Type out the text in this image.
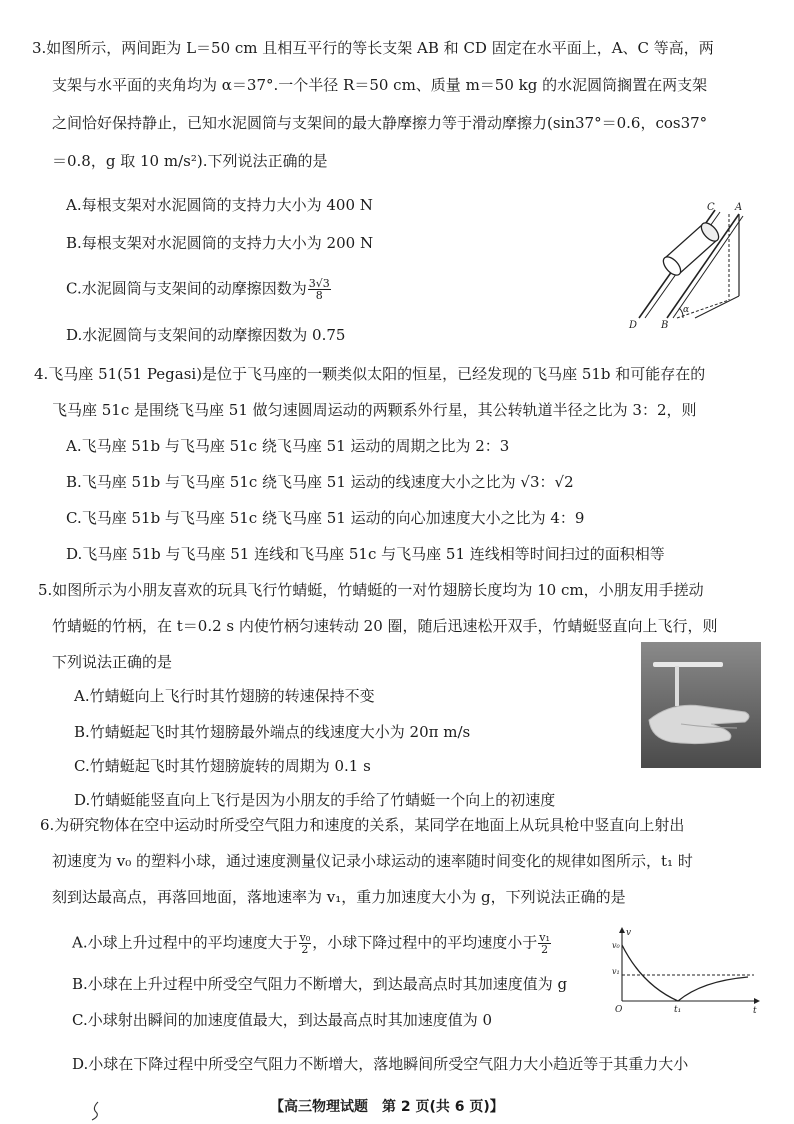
3.如图所示，两间距为 L＝50 cm 且相互平行的等长支架 AB 和 CD 固定在水平面上，A、C 等高，两
支架与水平面的夹角均为 α＝37°.一个半径 R＝50 cm、质量 m＝50 kg 的水泥圆筒搁置在两支架
之间恰好保持静止，已知水泥圆筒与支架间的最大静摩擦力等于滑动摩擦力(sin37°＝0.6，cos37°
＝0.8，g 取 10 m/s²).下列说法正确的是
A.每根支架对水泥圆筒的支持力大小为 400 N
B.每根支架对水泥圆筒的支持力大小为 200 N
C.水泥圆筒与支架间的动摩擦因数为 $\frac{3√3}{8}$
D.水泥圆筒与支架间的动摩擦因数为 0.75
C A
D B
α
4.飞马座 51(51 Pegasi)是位于飞马座的一颗类似太阳的恒星，已经发现的飞马座 51b 和可能存在的
飞马座 51c 是围绕飞马座 51 做匀速圆周运动的两颗系外行星，其公转轨道半径之比为 3：2，则
A.飞马座 51b 与飞马座 51c 绕飞马座 51 运动的周期之比为 2：3
B.飞马座 51b 与飞马座 51c 绕飞马座 51 运动的线速度大小之比为 √3：√2
C.飞马座 51b 与飞马座 51c 绕飞马座 51 运动的向心加速度大小之比为 4：9
D.飞马座 51b 与飞马座 51 连线和飞马座 51c 与飞马座 51 连线相等时间扫过的面积相等
5.如图所示为小朋友喜欢的玩具飞行竹蜻蜓，竹蜻蜓的一对竹翅膀长度均为 10 cm，小朋友用手搓动
竹蜻蜓的竹柄，在 t＝0.2 s 内使竹柄匀速转动 20 圈，随后迅速松开双手，竹蜻蜓竖直向上飞行，则
下列说法正确的是
A.竹蜻蜓向上飞行时其竹翅膀的转速保持不变
B.竹蜻蜓起飞时其竹翅膀最外端点的线速度大小为 20π m/s
C.竹蜻蜓起飞时其竹翅膀旋转的周期为 0.1 s
D.竹蜻蜓能竖直向上飞行是因为小朋友的手给了竹蜻蜓一个向上的初速度
6.为研究物体在空中运动时所受空气阻力和速度的关系，某同学在地面上从玩具枪中竖直向上射出
初速度为 v₀ 的塑料小球，通过速度测量仪记录小球运动的速率随时间变化的规律如图所示，t₁ 时
刻到达最高点，再落回地面，落地速率为 v₁，重力加速度大小为 g，下列说法正确的是
A.小球上升过程中的平均速度大于 $\frac{\text{v₀}}{2}$ ，小球下降过程中的平均速度小于 $\frac{\text{v₁}}{2}$
B.小球在上升过程中所受空气阻力不断增大，到达最高点时其加速度值为 g
C.小球射出瞬间的加速度值最大，到达最高点时其加速度值为 0
D.小球在下降过程中所受空气阻力不断增大，落地瞬间所受空气阻力大小趋近等于其重力大小
v
v₀
v₁
O	t₁	t
【高三物理试题　第 2 页(共 6 页)】
